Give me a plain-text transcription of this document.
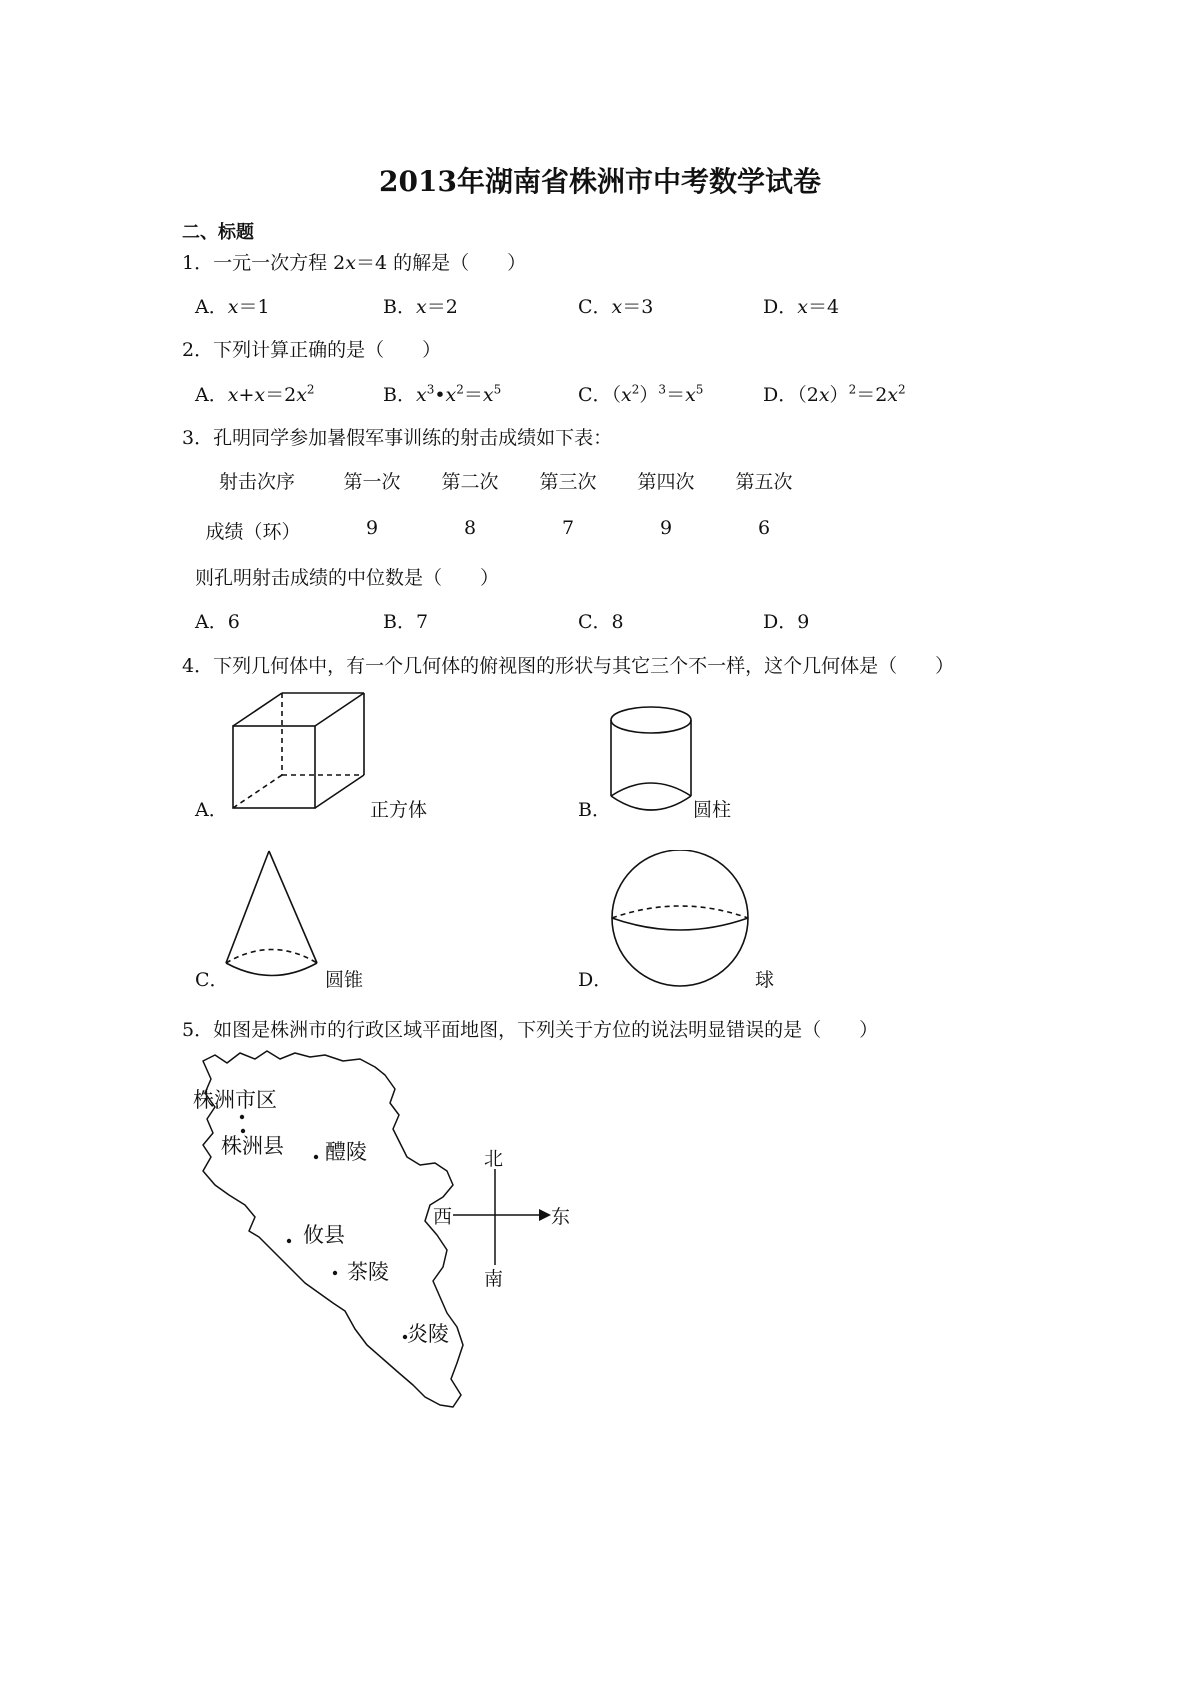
2013年湖南省株洲市中考数学试卷
二、标题
1．一元一次方程 2x＝4 的解是（　　）
A．x＝1	B．x＝2	C．x＝3	D．x＝4
2．下列计算正确的是（　　）
A．$x+x=2x^2$	B．$x^3•x^2=x^5$	C．$(x^2)^3=x^5$	D．$(2x)^2=2x^2$
3．孔明同学参加暑假军事训练的射击成绩如下表：
射击次序	第一次	第二次	第三次	第四次	第五次
成绩（环）	9	8	7	9	6
则孔明射击成绩的中位数是（　　）
A．6	B．7	C．8	D．9
4．下列几何体中，有一个几何体的俯视图的形状与其它三个不一样，这个几何体是（　　）
A．	正方体	B．	圆柱
C．	圆锥	D．	球
5．如图是株洲市的行政区域平面地图，下列关于方位的说法明显错误的是（　　）
株洲市区
株洲县 醴陵
攸县
茶陵
炎陵
北
南
西	东
